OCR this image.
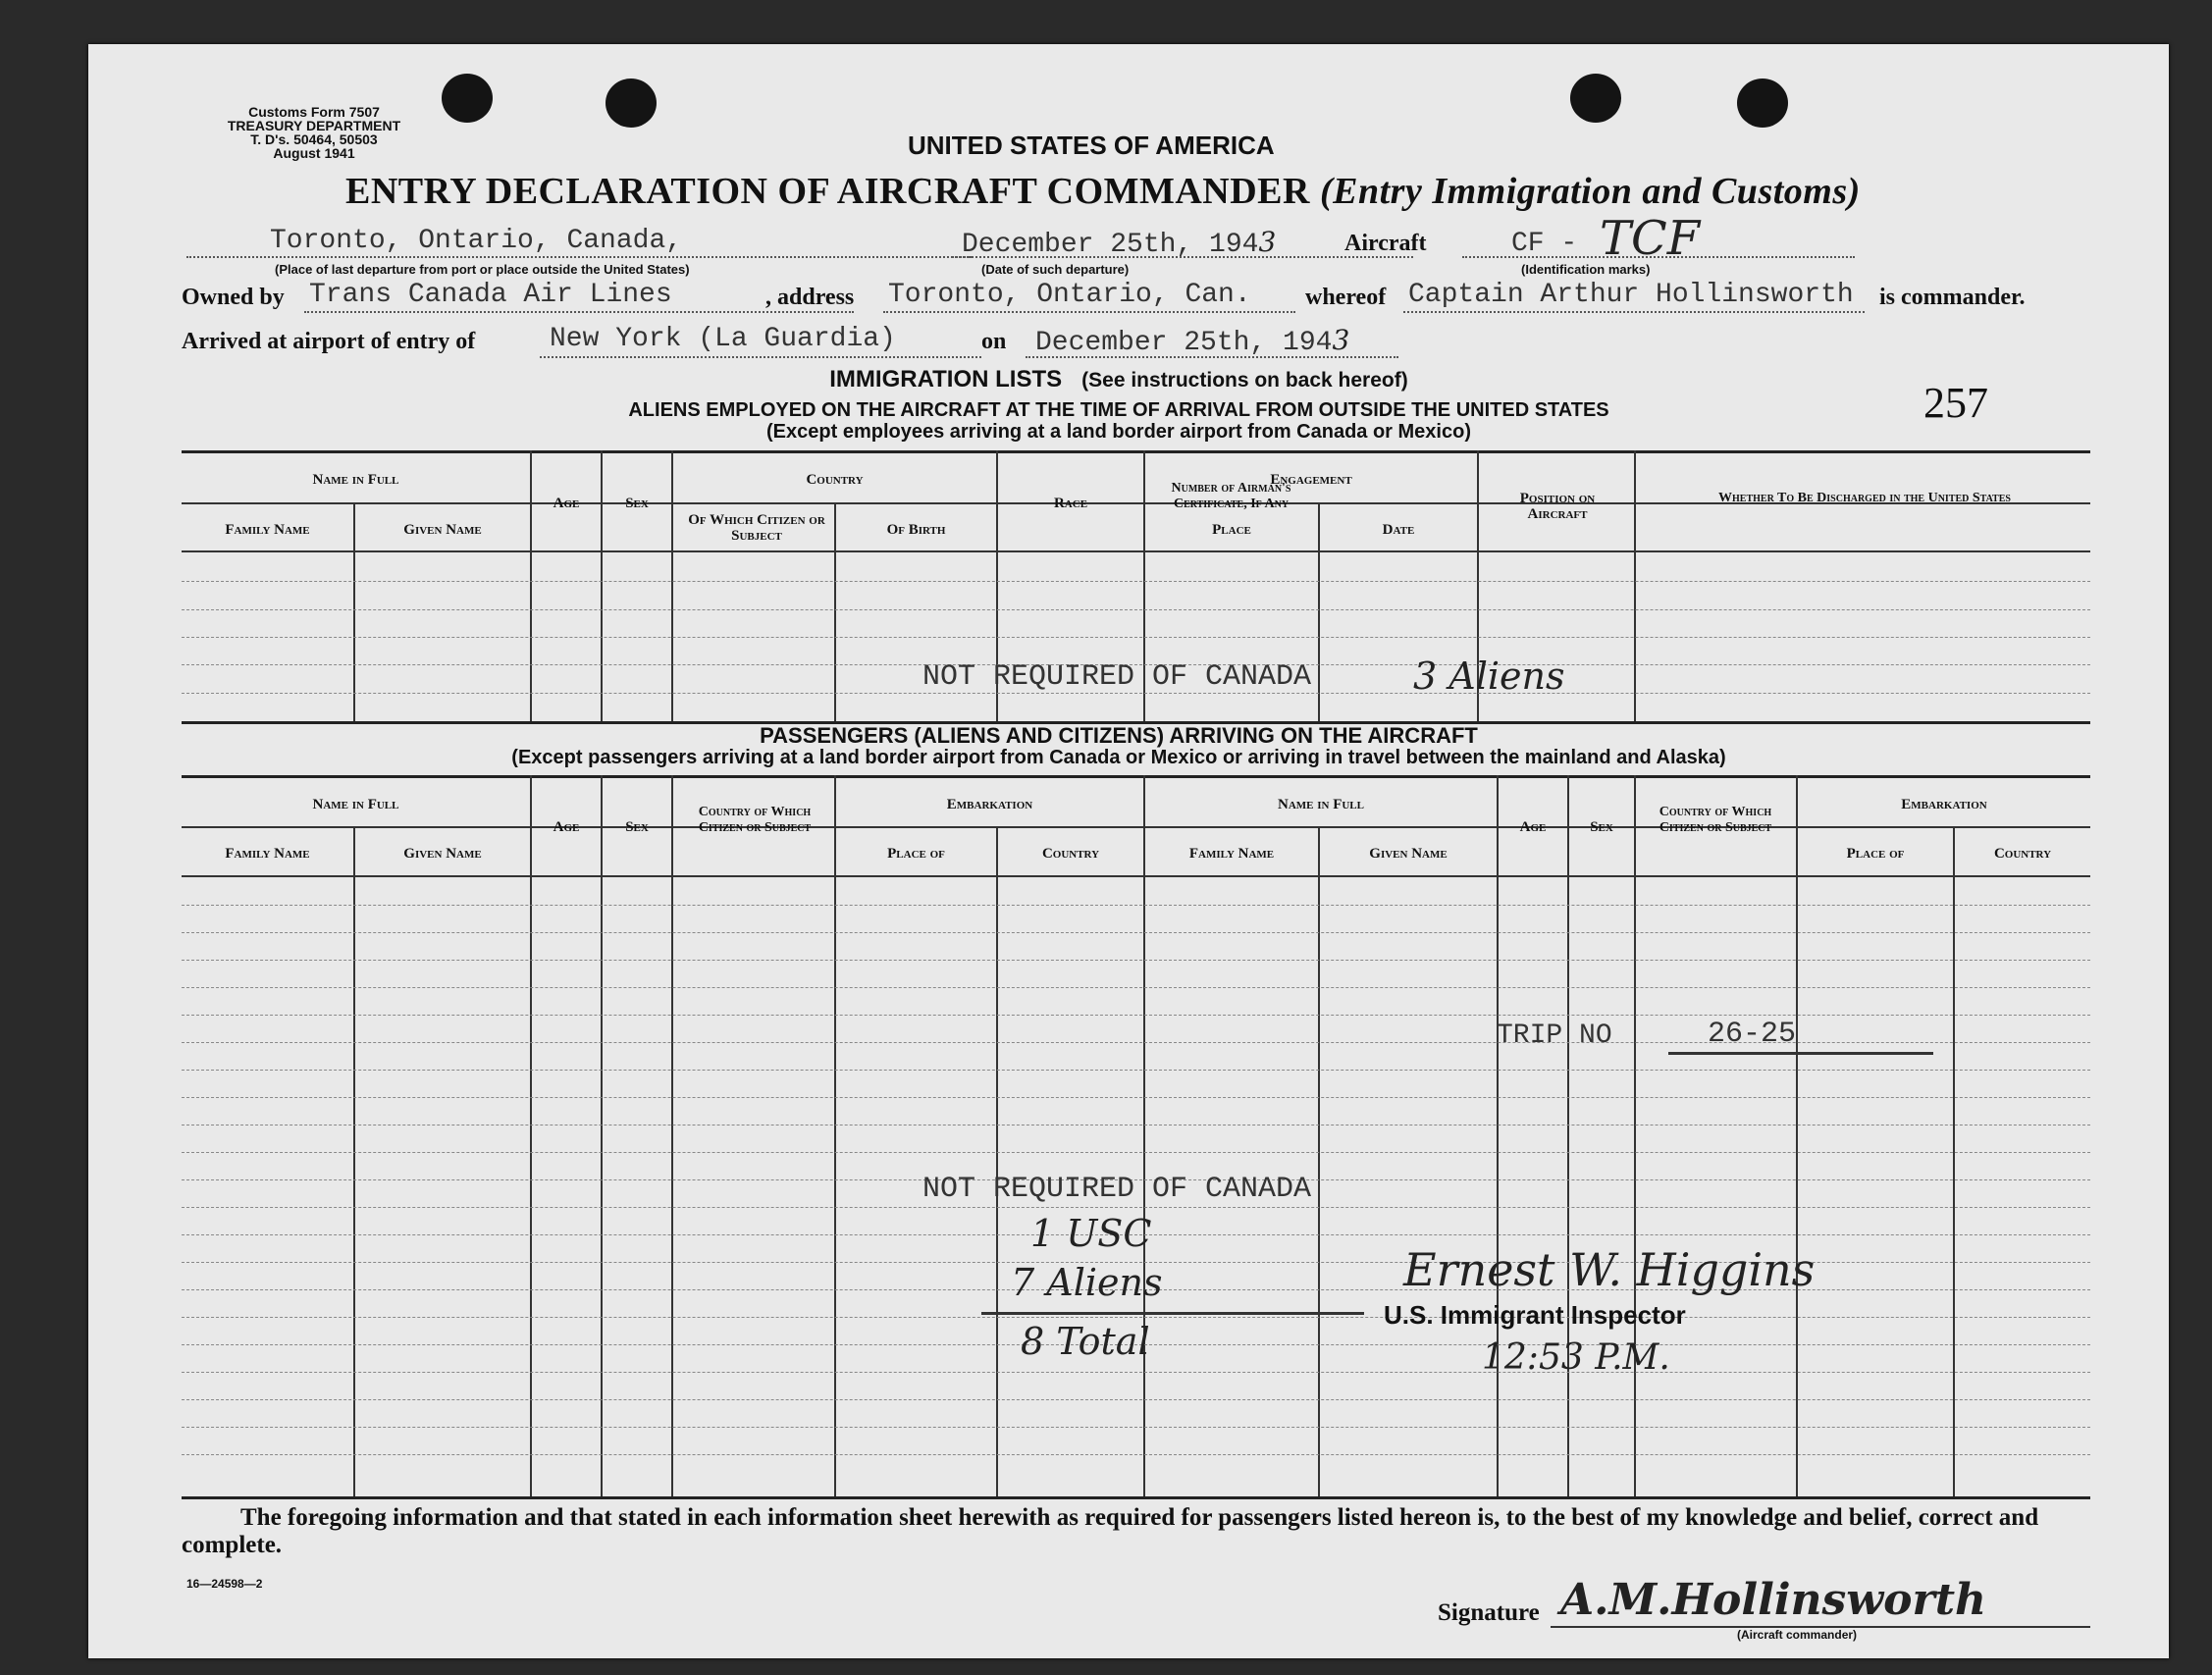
Customs Form 7507
TREASURY DEPARTMENT
T. D's. 50464, 50503
August 1941	UNITED STATES OF AMERICA
ENTRY DECLARATION OF AIRCRAFT COMMANDER (Entry Immigration and Customs)
Toronto, Ontario, Canada,
(Place of last departure from port or place outside the United States)
December 25th, 1943
(Date of such departure)
Aircraft	CF - TCF
(Identification marks)
Owned by Trans Canada Air Lines	, address Toronto, Ontario, Can. whereof Captain Arthur Hollinsworth is commander.
Arrived at airport of entry of	New York (La Guardia)	on December 25th, 1943
IMMIGRATION LISTS (See instructions on back hereof)
ALIENS EMPLOYED ON THE AIRCRAFT AT THE TIME OF ARRIVAL FROM OUTSIDE THE UNITED STATES
(Except employees arriving at a land border airport from Canada or Mexico)
257
Name in Full
Family Name	Given Name
Age	Sex
Country
Of Which Citizen or Subject	Of Birth
Race
Number of Airman's Certificate, If Any
Engagement
Place	Date
Position on Aircraft
Whether To Be Discharged in the United States
NOT REQUIRED OF CANADA	3 Aliens
PASSENGERS (ALIENS AND CITIZENS) ARRIVING ON THE AIRCRAFT
(Except passengers arriving at a land border airport from Canada or Mexico or arriving in travel between the mainland and Alaska)
Name in Full
Family Name	Given Name
Age	Sex
Country of Which Citizen or Subject
Embarkation
Place of	Country
Name in Full
Family Name	Given Name
Age	Sex
Country of Which Citizen or Subject
Embarkation
Place of	Country
TRIP NO	26-25
NOT REQUIRED OF CANADA
1 USC
7 Aliens
8 Total
Ernest W. Higgins
U.S. Immigrant Inspector
12:53 P.M.
The foregoing information and that stated in each information sheet herewith as required for passengers listed hereon is, to the best of my knowledge and belief, correct and complete.
16—24598—2
Signature A.M.Hollinsworth
(Aircraft commander)
